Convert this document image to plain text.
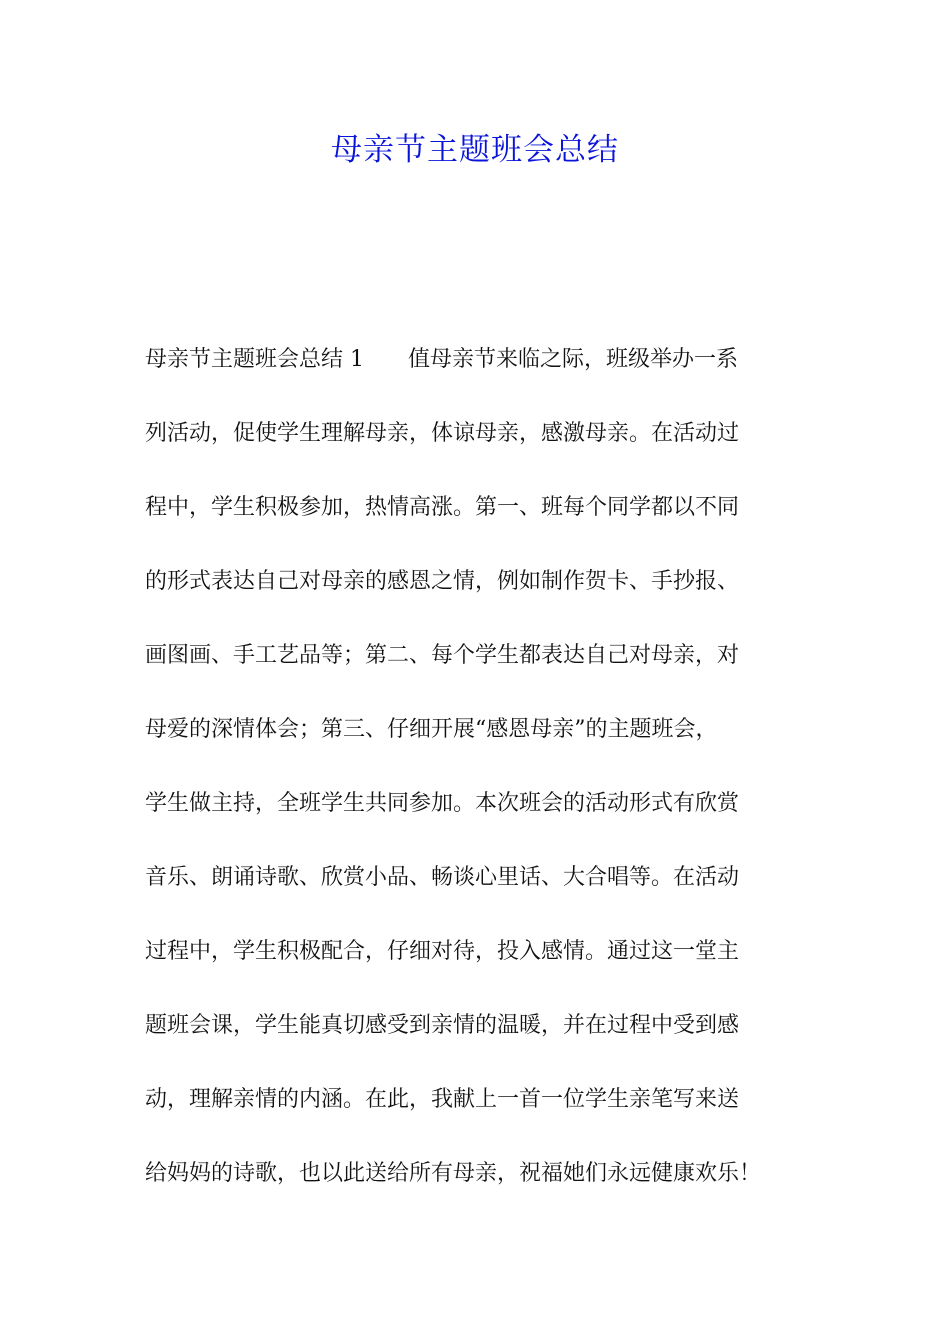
母亲节主题班会总结
母亲节主题班会总结 1　　值母亲节来临之际，班级举办一系
列活动，促使学生理解母亲，体谅母亲，感激母亲。在活动过
程中，学生积极参加，热情高涨。第一、班每个同学都以不同
的形式表达自己对母亲的感恩之情，例如制作贺卡、手抄报、
画图画、手工艺品等；第二、每个学生都表达自己对母亲，对
母爱的深情体会；第三、仔细开展“感恩母亲”的主题班会，
学生做主持，全班学生共同参加。本次班会的活动形式有欣赏
音乐、朗诵诗歌、欣赏小品、畅谈心里话、大合唱等。在活动
过程中，学生积极配合，仔细对待，投入感情。通过这一堂主
题班会课，学生能真切感受到亲情的温暖，并在过程中受到感
动，理解亲情的内涵。在此，我献上一首一位学生亲笔写来送
给妈妈的诗歌，也以此送给所有母亲，祝福她们永远健康欢乐！
